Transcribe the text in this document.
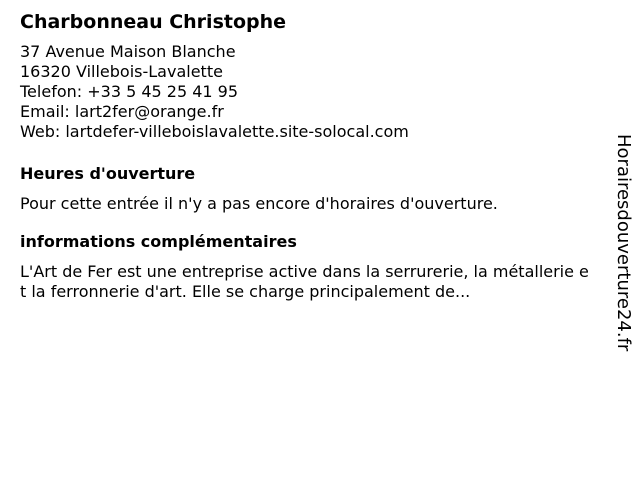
Charbonneau Christophe
37 Avenue Maison Blanche
16320 Villebois-Lavalette
Telefon: +33 5 45 25 41 95
Email: lart2fer@orange.fr
Web: lartdefer-villeboislavalette.site-solocal.com
Heures d'ouverture

Pour cette entrée il n'y a pas encore d'horaires d'ouverture.

informations complémentaires

L'Art de Fer est une entreprise active dans la serrurerie, la métallerie et la ferronnerie d'art. Elle se charge principalement de...	Horairesdouverture24.fr
